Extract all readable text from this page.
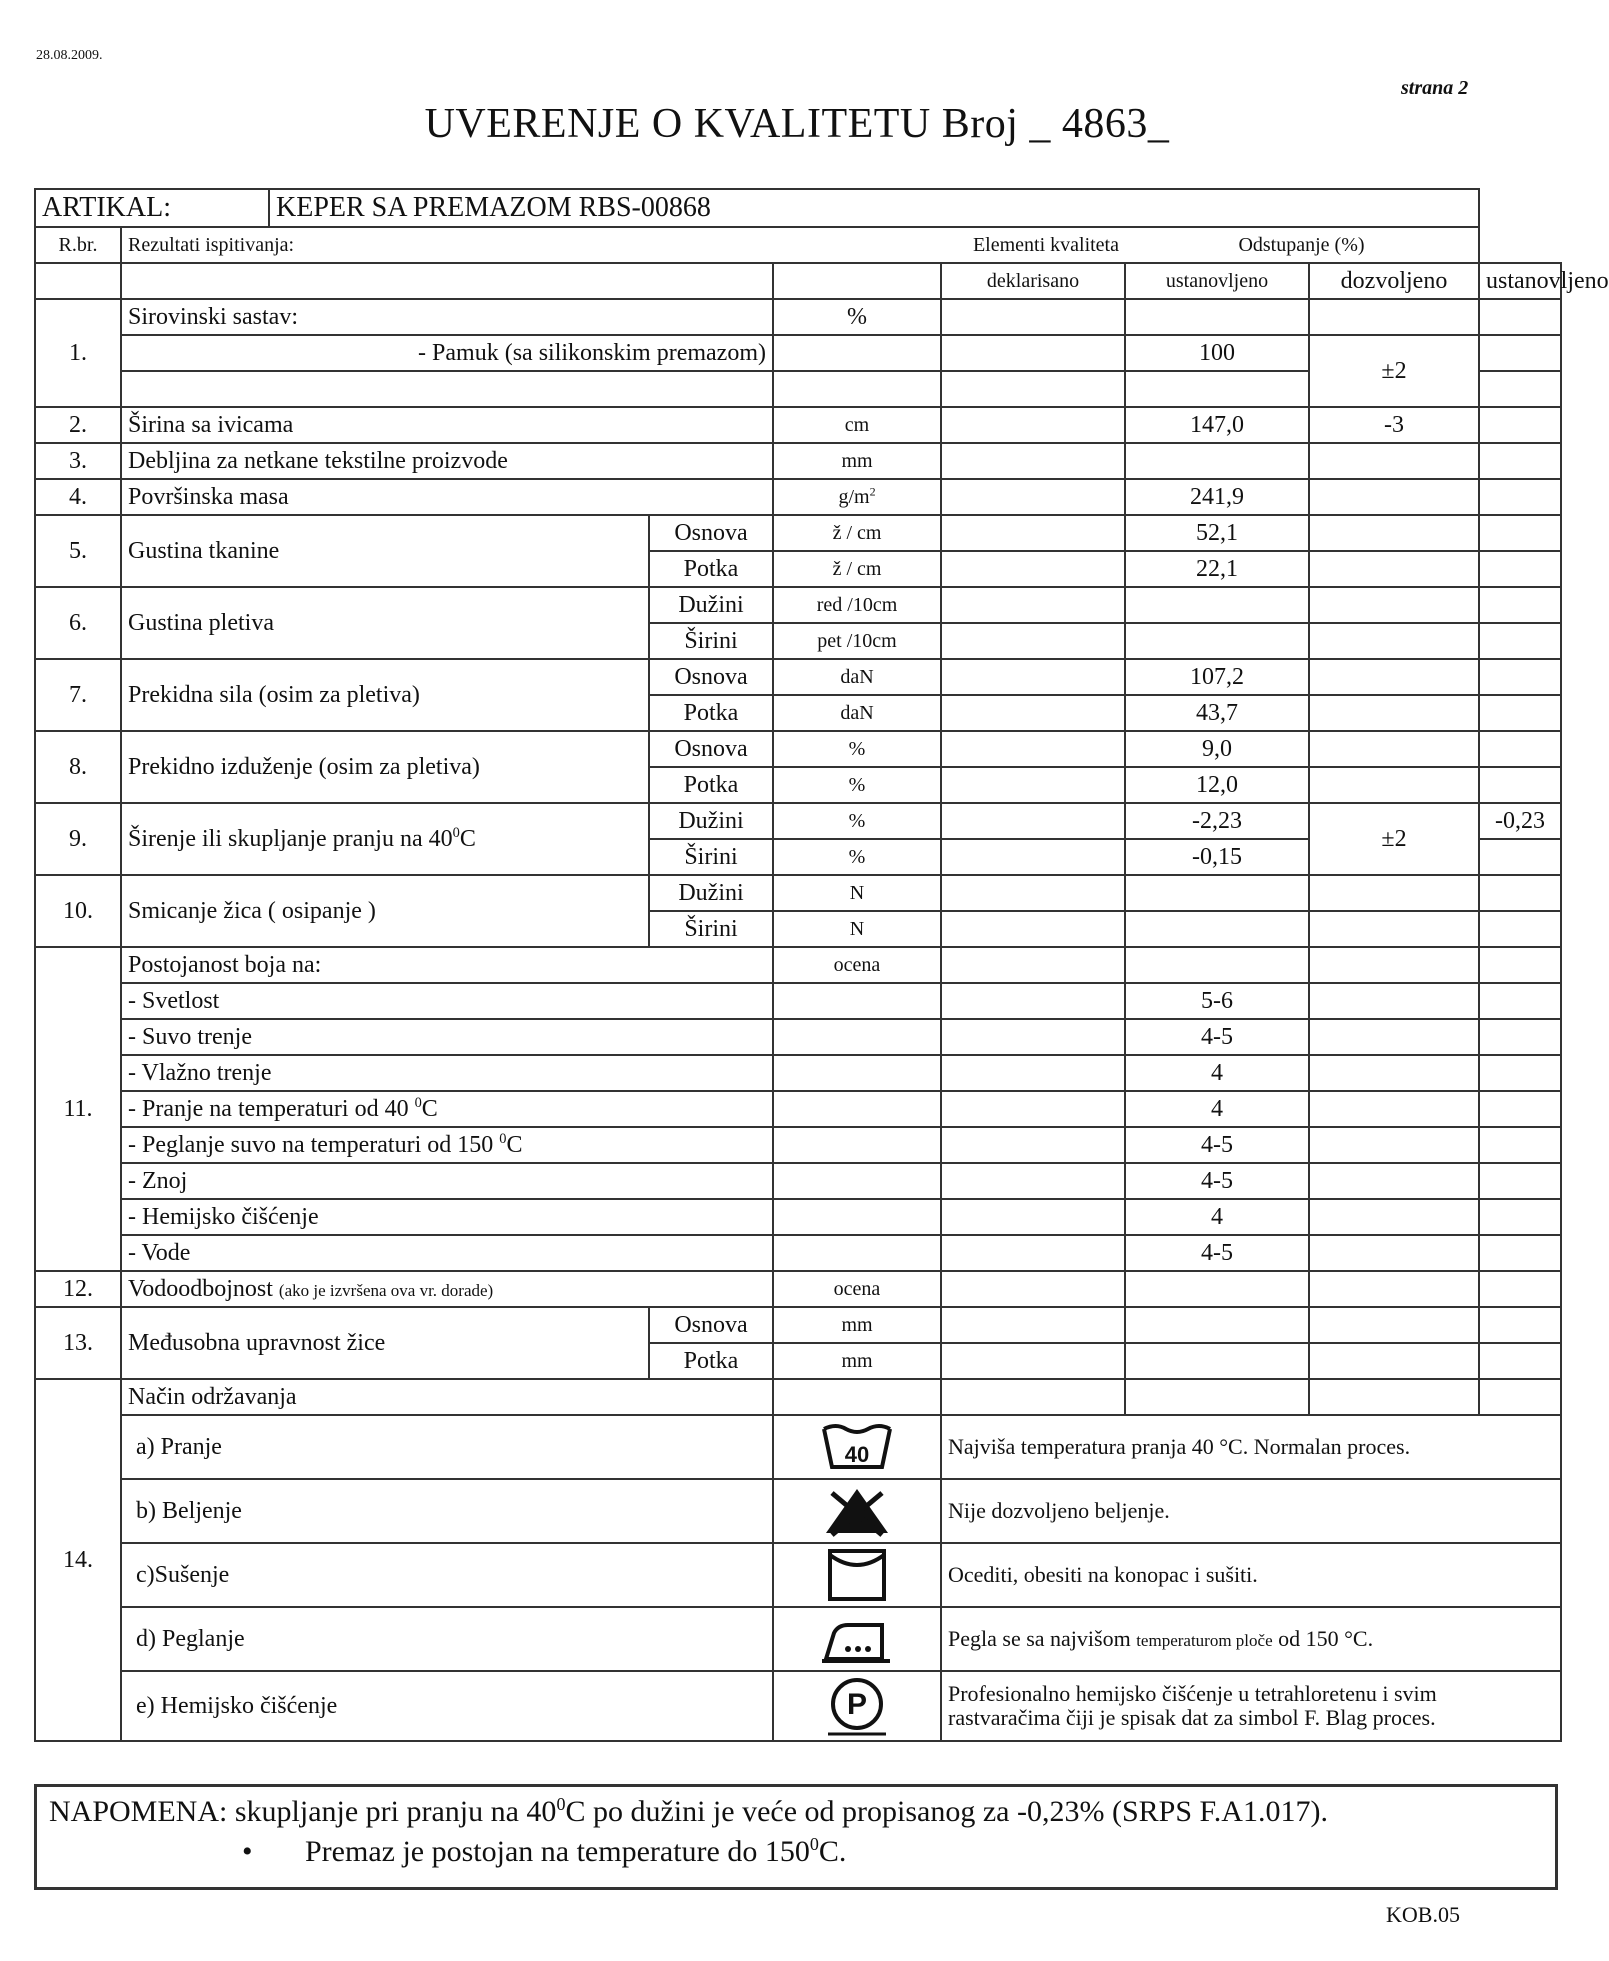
28.08.2009.
strana 2
UVERENJE O KVALITETU Broj _ 4863_
ARTIKAL:		KEPER SA PREMAZOM RBS-00868						
R.br.	Rezultati ispitivanja:			Elementi kvaliteta		Odstupanje (%)		
					deklarisano	ustanovljeno	dozvoljeno	ustanovljeno
1.	Sirovinski sastav:			%				
	- Pamuk (sa silikonskim premazom)					100	±2	

2.	Širina sa ivicama			cm		147,0	-3	
3.	Debljina za netkane tekstilne proizvode			mm				
4.	Površinska masa			$g/m^2$		241,9		
5.	Gustina tkanine		Osnova	ž / cm		52,1		
			Potka	ž / cm		22,1		
6.	Gustina pletiva		Dužini	red /10cm				
			Širini	pet /10cm				
7.	Prekidna sila (osim za pletiva)		Osnova	daN		107,2		
			Potka	daN		43,7		
8.	Prekidno izduženje (osim za pletiva)		Osnova	%		9,0		
			Potka	%		12,0		
9.	Širenje ili skupljanje pranju na $40^0C$		Dužini	%		-2,23	±2	-0,23
			Širini	%		-0,15		
10.	Smicanje žica ( osipanje )		Dužini	N				
			Širini	N				
11.	Postojanost boja na:			ocena				
	- Svetlost					5-6		
	- Suvo trenje					4-5		
	- Vlažno trenje					4		
	- Pranje na temperaturi od 40 $^0$C					4		
	- Peglanje suvo na temperaturi od 150 $^0$C					4-5		
	- Znoj					4-5		
	- Hemijsko čišćenje					4		
	- Vode					4-5		
12.	Vodoodbojnost (ako je izvršena ova vr. dorade)			ocena				
13.	Međusobna upravnost žice		Osnova	mm				
			Potka	mm				
14.	Način održavanja							
	a) Pranje			40	Najviša temperatura pranja 40 °C. Normalan proces.			
	b) Beljenje				Nije dozvoljeno beljenje.			
	c)Sušenje				Ocediti, obesiti na konopac i sušiti.			
	d) Peglanje				Pegla se sa najvišom temperaturom ploče od 150 °C.			
	e) Hemijsko čišćenje			P	Profesionalno hemijsko čišćenje u tetrahloretenu i svim rastvaračima čiji je spisak dat za simbol F. Blag proces.			
NAPOMENA: skupljanje pri pranju na $40^0C$ po dužini je veće od propisanog za -0,23% (SRPS F.A1.017).
• Premaz je postojan na temperature do $150^0C$.
KOB.05
